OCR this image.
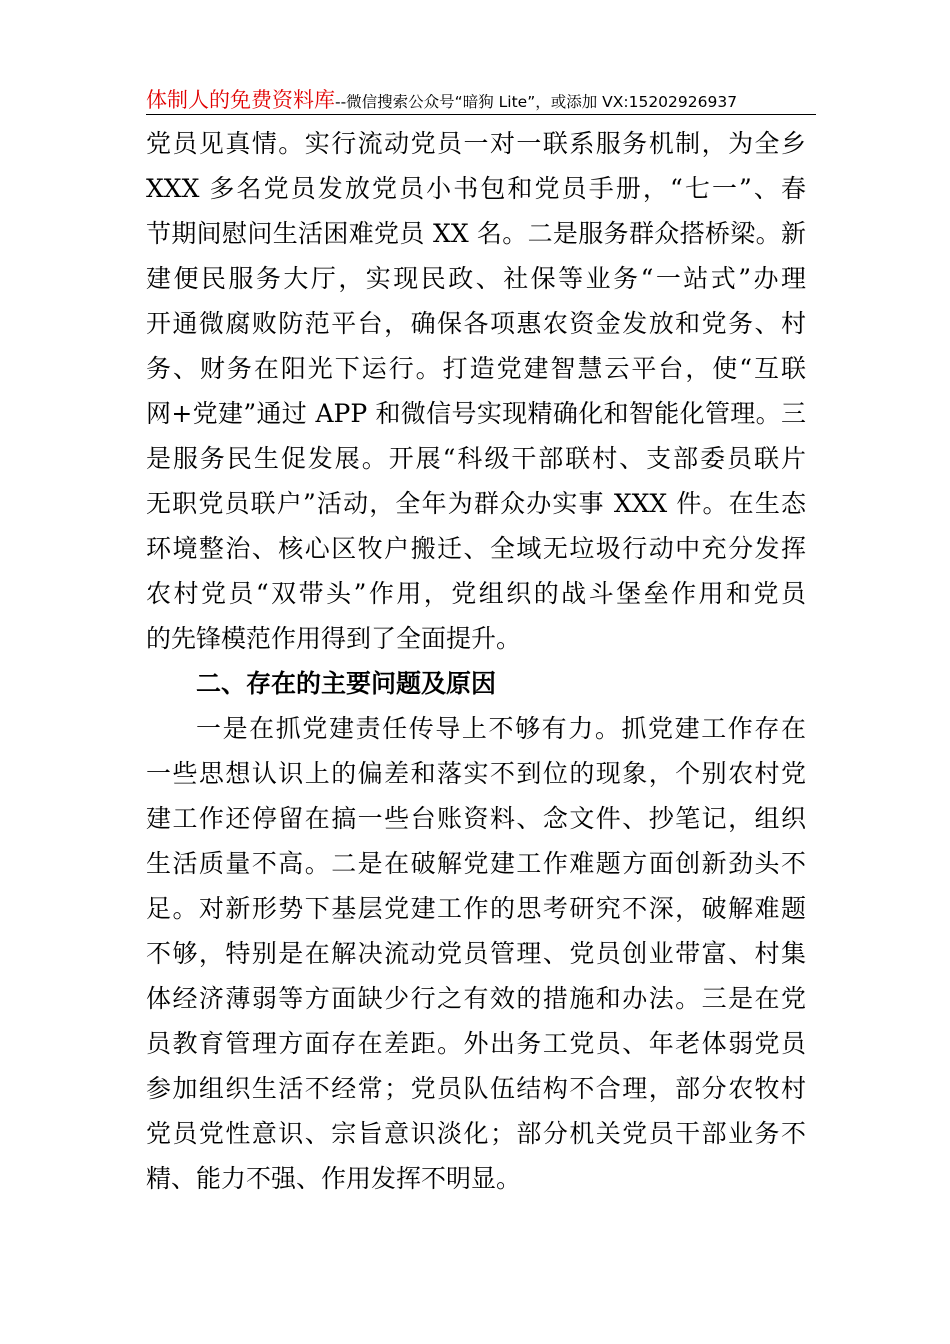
体制人的免费资料库--微信搜索公众号“暗狗 Lite”，或添加 VX:15202926937
党员见真情。实行流动党员一对一联系服务机制，为全乡
XXX 多名党员发放党员小书包和党员手册，“七一”、春
节期间慰问生活困难党员 XX 名。二是服务群众搭桥梁。新
建便民服务大厅，实现民政、社保等业务“一站式”办理
开通微腐败防范平台，确保各项惠农资金发放和党务、村
务、财务在阳光下运行。打造党建智慧云平台，使“互联
网+党建”通过 APP 和微信号实现精确化和智能化管理。三
是服务民生促发展。开展“科级干部联村、支部委员联片
无职党员联户”活动，全年为群众办实事 XXX 件。在生态
环境整治、核心区牧户搬迁、全域无垃圾行动中充分发挥
农村党员“双带头”作用，党组织的战斗堡垒作用和党员
的先锋模范作用得到了全面提升。
二、存在的主要问题及原因
一是在抓党建责任传导上不够有力。抓党建工作存在
一些思想认识上的偏差和落实不到位的现象，个别农村党
建工作还停留在搞一些台账资料、念文件、抄笔记，组织
生活质量不高。二是在破解党建工作难题方面创新劲头不
足。对新形势下基层党建工作的思考研究不深，破解难题
不够，特别是在解决流动党员管理、党员创业带富、村集
体经济薄弱等方面缺少行之有效的措施和办法。三是在党
员教育管理方面存在差距。外出务工党员、年老体弱党员
参加组织生活不经常；党员队伍结构不合理，部分农牧村
党员党性意识、宗旨意识淡化；部分机关党员干部业务不
精、能力不强、作用发挥不明显。
